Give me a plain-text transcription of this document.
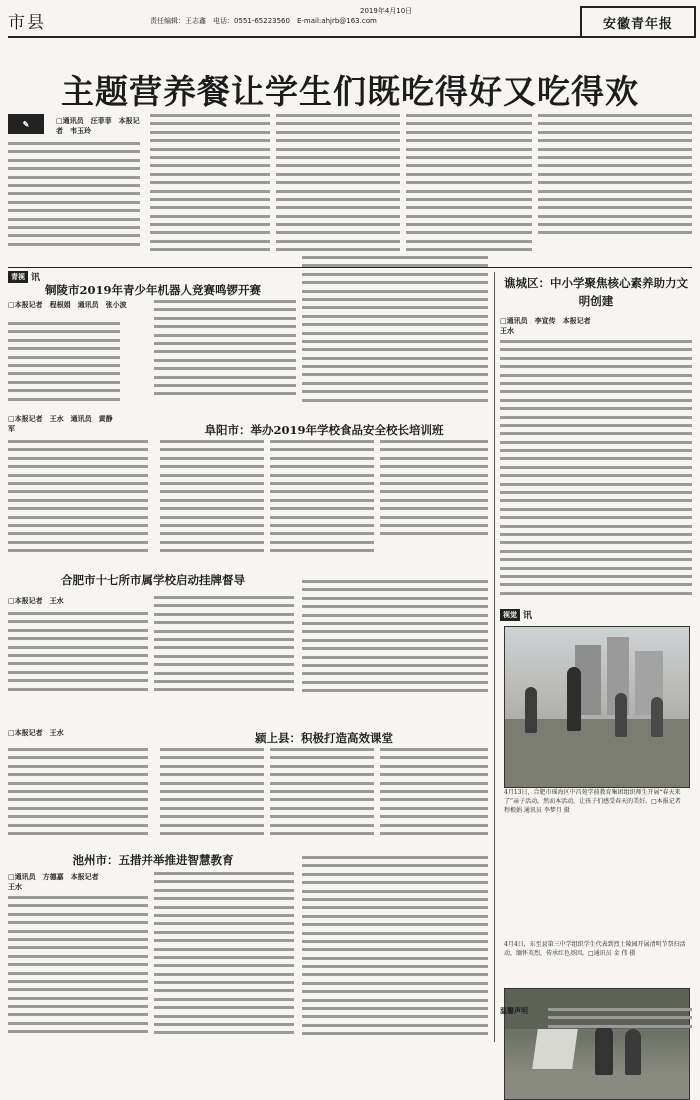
市县
2019年4月10日
责任编辑：王志鑫　电话：0551-65223560　E-mail:ahjrb@163.com	安徽青年报
主题营养餐让学生们既吃得好又吃得欢
✎	□通讯员　汪菲菲　本报记者　韦玉玲
青视 讯
铜陵市2019年青少年机器人竞赛鸣锣开赛
□本报记者　程根娟　通讯员　张小波
□本报记者　王水　通讯员　黄静军	阜阳市：举办2019年学校食品安全校长培训班
合肥市十七所市属学校启动挂牌督导
□本报记者　王水
□本报记者　王水	颍上县：积极打造高效课堂
池州市：五措并举推进智慧教育
□通讯员　方德嘉　本报记者　王水
谯城区：中小学聚焦核心素养助力文明创建
□通讯员　李宣传　本报记者　王水
视觉 讯
4月13日，合肥市瑶海区中昌苑学前教育集团组织师生开展“春天来了”亲子活动。然而本活动，让孩子们感受春天的美好。□本报记者 程根娟 通讯员 李梦月 摄
4月4日，东至县第三中学组织学生代表到烈士陵园开展清明节祭扫活动，缅怀英烈，传承红色基因。□通讯员 金 伟 摄
温馨声明
